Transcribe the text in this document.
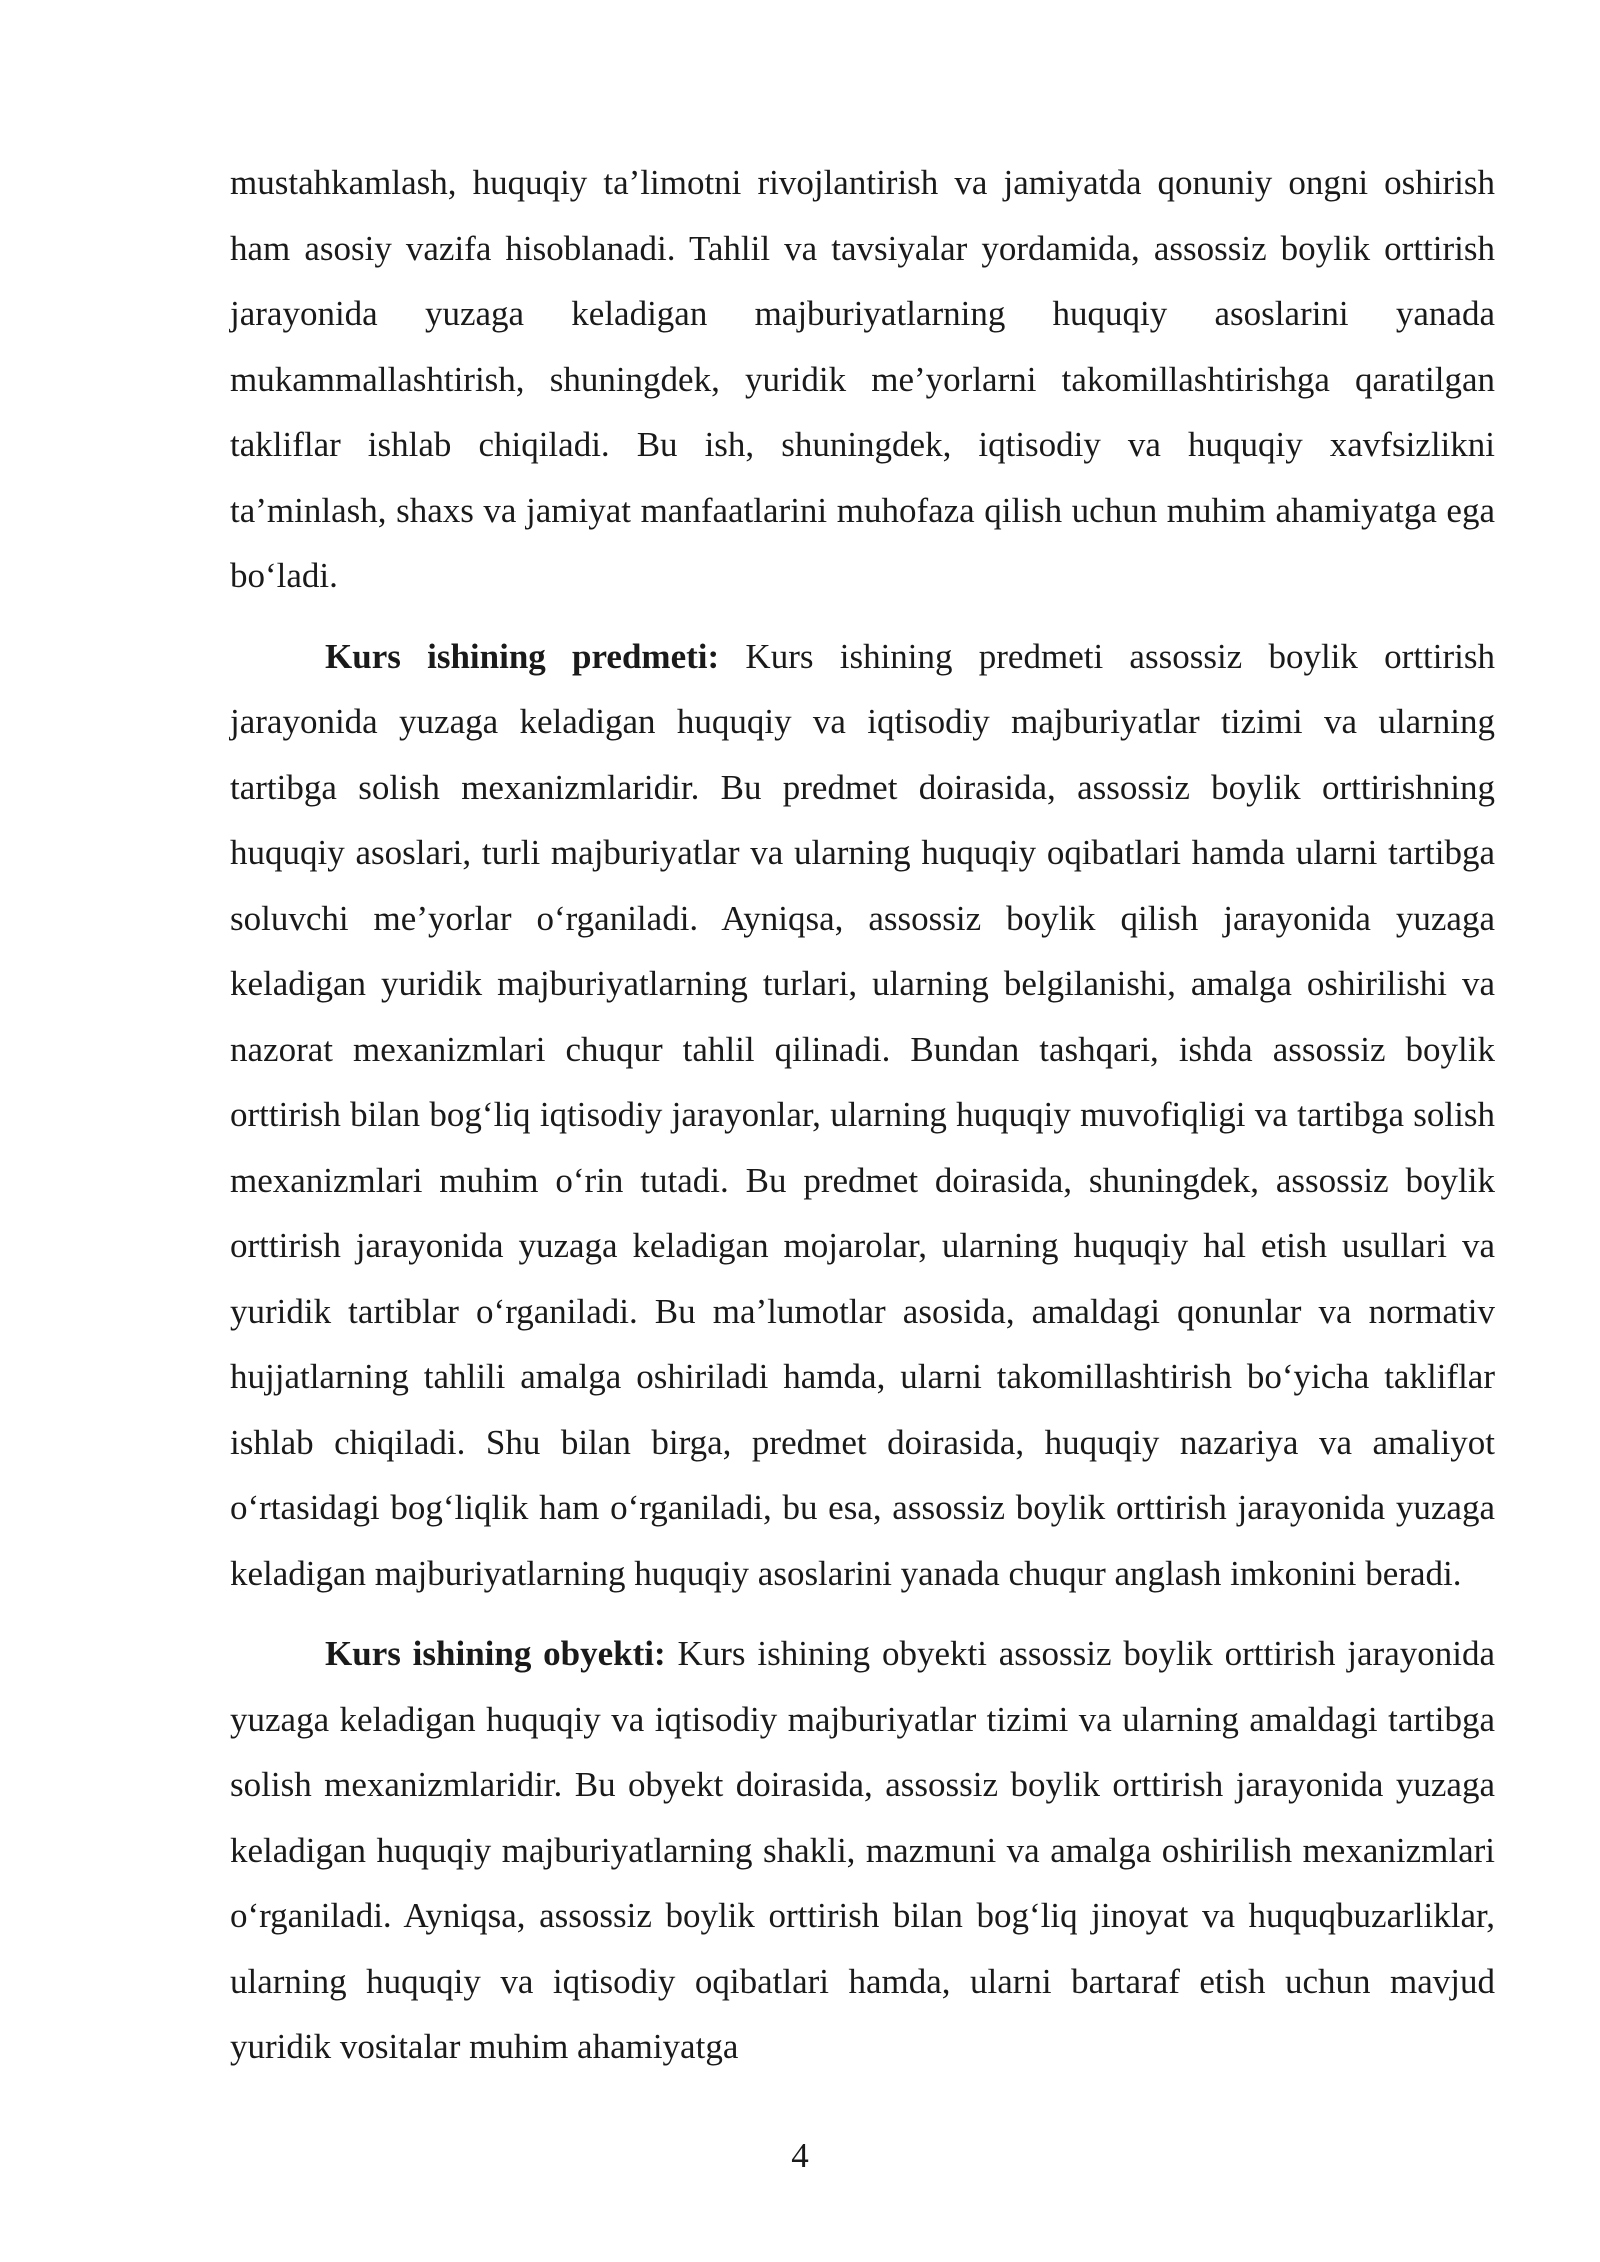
mustahkamlash, huquqiy ta’limotni rivojlantirish va jamiyatda qonuniy ongni oshirish ham asosiy vazifa hisoblanadi. Tahlil va tavsiyalar yordamida, assossiz boylik orttirish jarayonida yuzaga keladigan majburiyatlarning huquqiy asoslarini yanada mukammallashtirish, shuningdek, yuridik me’yorlarni takomillashtirishga qaratilgan takliflar ishlab chiqiladi. Bu ish, shuningdek, iqtisodiy va huquqiy xavfsizlikni ta’minlash, shaxs va jamiyat manfaatlarini muhofaza qilish uchun muhim ahamiyatga ega bo‘ladi.

Kurs ishining predmeti: Kurs ishining predmeti assossiz boylik orttirish jarayonida yuzaga keladigan huquqiy va iqtisodiy majburiyatlar tizimi va ularning tartibga solish mexanizmlaridir. Bu predmet doirasida, assossiz boylik orttirishning huquqiy asoslari, turli majburiyatlar va ularning huquqiy oqibatlari hamda ularni tartibga soluvchi me’yorlar o‘rganiladi. Ayniqsa, assossiz boylik qilish jarayonida yuzaga keladigan yuridik majburiyatlarning turlari, ularning belgilanishi, amalga oshirilishi va nazorat mexanizmlari chuqur tahlil qilinadi. Bundan tashqari, ishda assossiz boylik orttirish bilan bog‘liq iqtisodiy jarayonlar, ularning huquqiy muvofiqligi va tartibga solish mexanizmlari muhim o‘rin tutadi. Bu predmet doirasida, shuningdek, assossiz boylik orttirish jarayonida yuzaga keladigan mojarolar, ularning huquqiy hal etish usullari va yuridik tartiblar o‘rganiladi. Bu ma’lumotlar asosida, amaldagi qonunlar va normativ hujjatlarning tahlili amalga oshiriladi hamda, ularni takomillashtirish bo‘yicha takliflar ishlab chiqiladi. Shu bilan birga, predmet doirasida, huquqiy nazariya va amaliyot o‘rtasidagi bog‘liqlik ham o‘rganiladi, bu esa, assossiz boylik orttirish jarayonida yuzaga keladigan majburiyatlarning huquqiy asoslarini yanada chuqur anglash imkonini beradi.

Kurs ishining obyekti: Kurs ishining obyekti assossiz boylik orttirish jarayonida yuzaga keladigan huquqiy va iqtisodiy majburiyatlar tizimi va ularning amaldagi tartibga solish mexanizmlaridir. Bu obyekt doirasida, assossiz boylik orttirish jarayonida yuzaga keladigan huquqiy majburiyatlarning shakli, mazmuni va amalga oshirilish mexanizmlari o‘rganiladi. Ayniqsa, assossiz boylik orttirish bilan bog‘liq jinoyat va huquqbuzarliklar, ularning huquqiy va iqtisodiy oqibatlari hamda, ularni bartaraf etish uchun mavjud yuridik vositalar muhim ahamiyatga

4
